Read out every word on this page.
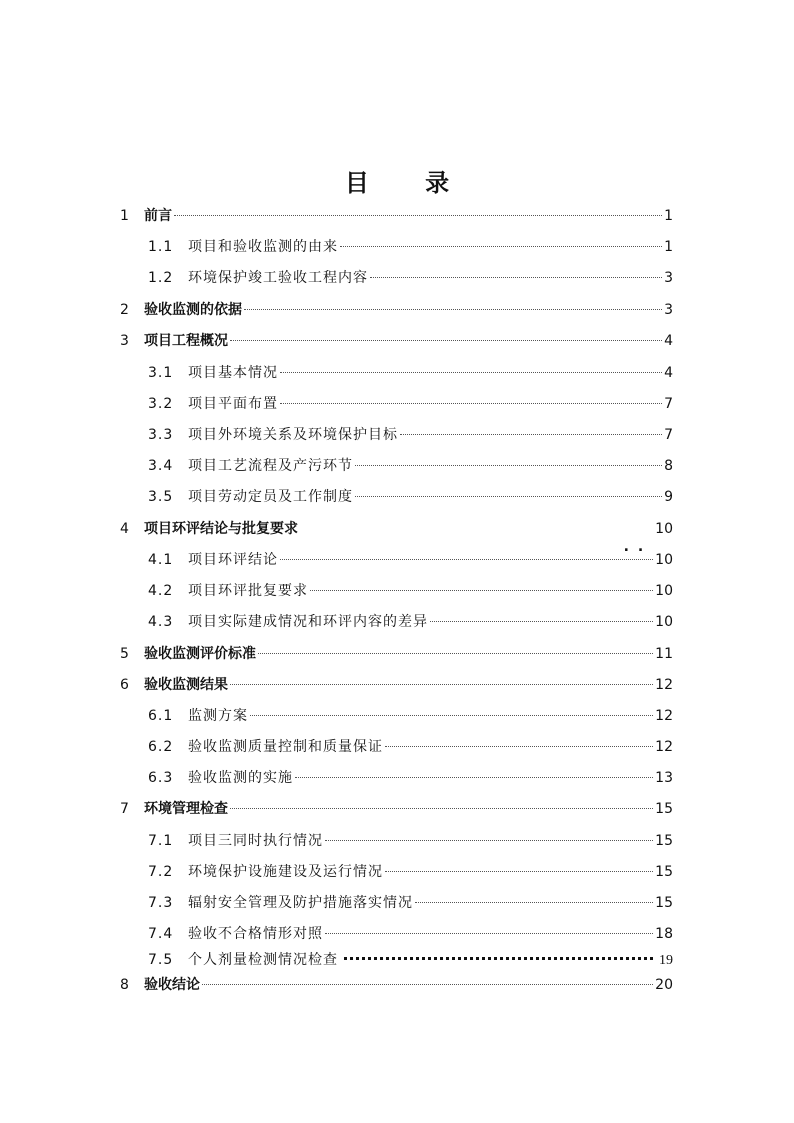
目 录
1	前言	1
1.1	项目和验收监测的由来	1
1.2	环境保护竣工验收工程内容	3
2	验收监测的依据	3
3	项目工程概况	4
3.1	项目基本情况	4
3.2	项目平面布置	7
3.3	项目外环境关系及环境保护目标	7
3.4	项目工艺流程及产污环节	8
3.5	项目劳动定员及工作制度	9
4	项目环评结论与批复要求	10
4.1	项目环评结论	10
4.2	项目环评批复要求	10
4.3	项目实际建成情况和环评内容的差异	10
5	验收监测评价标准	11
6	验收监测结果	12
6.1	监测方案	12
6.2	验收监测质量控制和质量保证	12
6.3	验收监测的实施	13
7	环境管理检查	15
7.1	项目三同时执行情况	15
7.2	环境保护设施建设及运行情况	15
7.3	辐射安全管理及防护措施落实情况	15
7.4	验收不合格情形对照	18
7.5	个人剂量检测情况检查	19
8	验收结论	20
